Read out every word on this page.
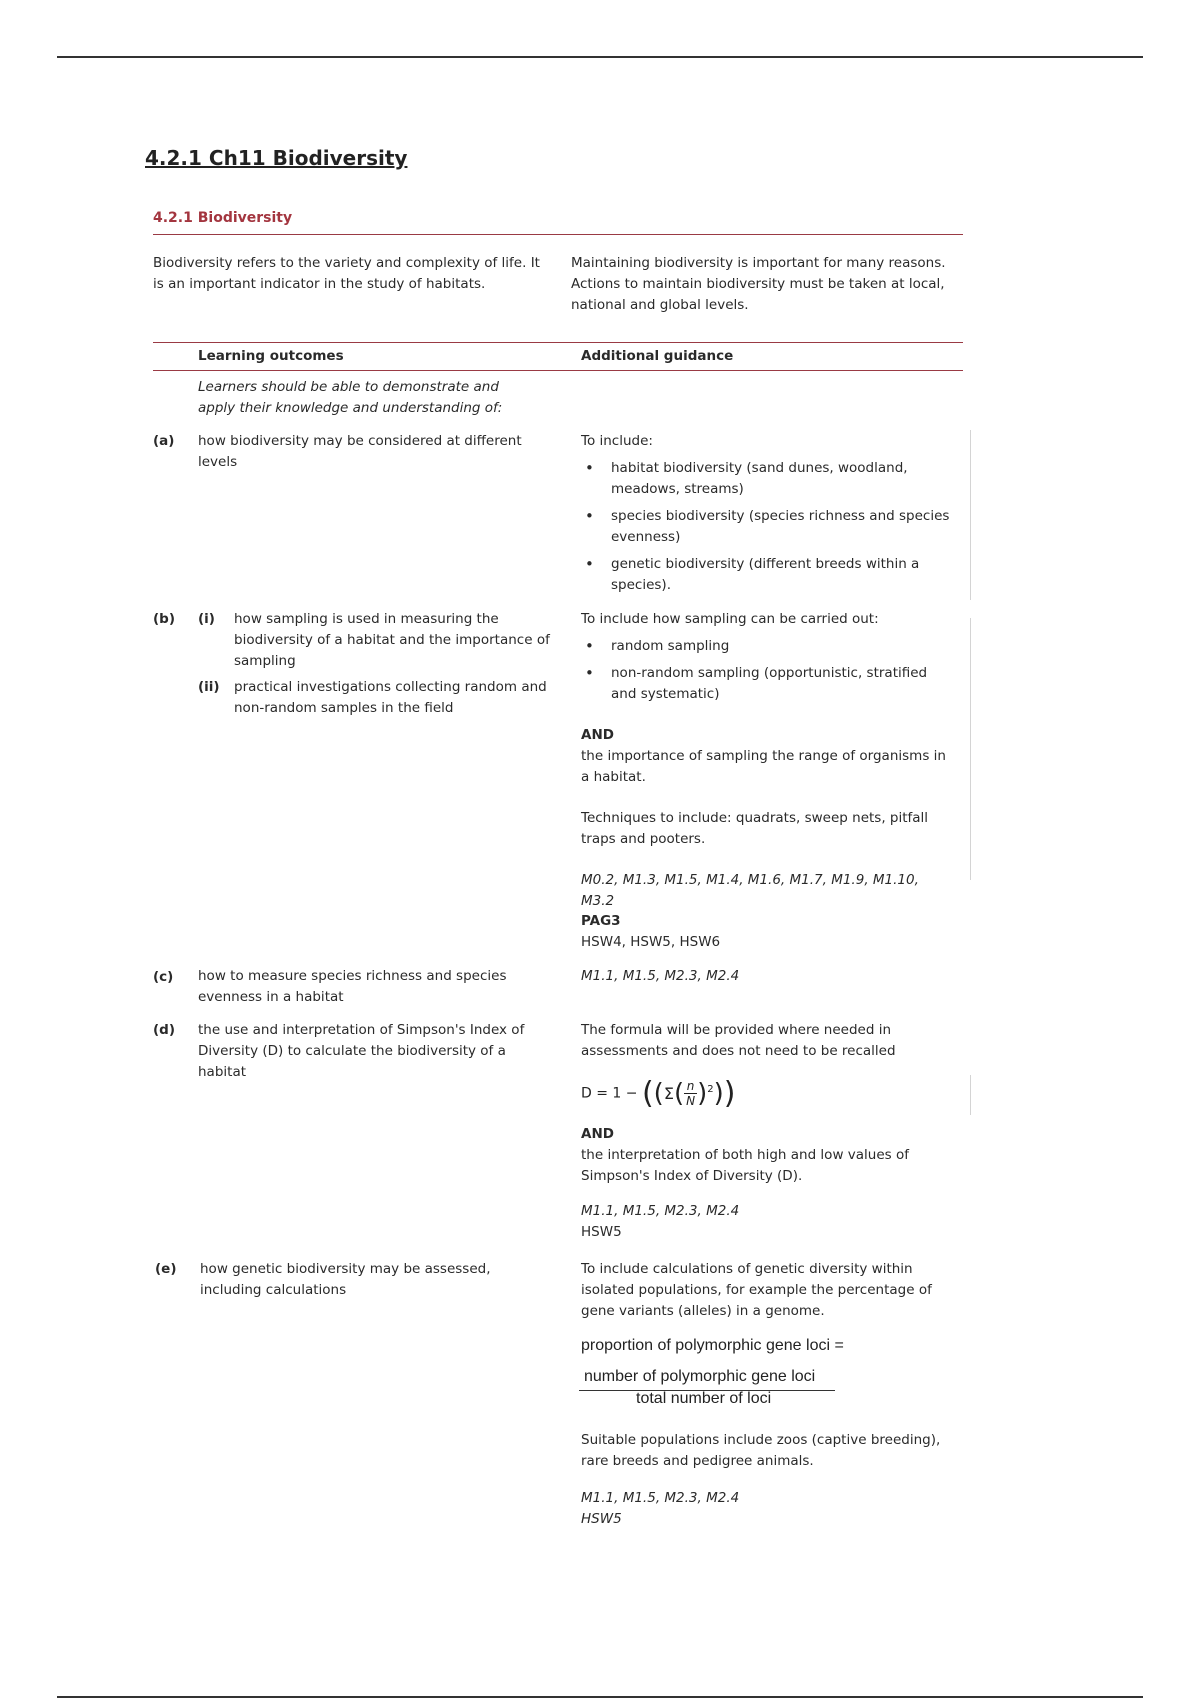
4.2.1 Ch11 Biodiversity
4.2.1 Biodiversity
Biodiversity refers to the variety and complexity of life. It is an important indicator in the study of habitats.
Maintaining biodiversity is important for many reasons. Actions to maintain biodiversity must be taken at local, national and global levels.
Learning outcomes	Additional guidance
Learners should be able to demonstrate and apply their knowledge and understanding of:
(a) how biodiversity may be considered at different levels
To include:
• habitat biodiversity (sand dunes, woodland, meadows, streams)
• species biodiversity (species richness and species evenness)
• genetic biodiversity (different breeds within a species).
(b) (i) how sampling is used in measuring the biodiversity of a habitat and the importance of sampling
(ii) practical investigations collecting random and non-random samples in the field
To include how sampling can be carried out:
• random sampling
• non-random sampling (opportunistic, stratified and systematic)
AND
the importance of sampling the range of organisms in a habitat.
Techniques to include: quadrats, sweep nets, pitfall traps and pooters.
M0.2, M1.3, M1.5, M1.4, M1.6, M1.7, M1.9, M1.10, M3.2
PAG3
HSW4, HSW5, HSW6
(c) how to measure species richness and species evenness in a habitat
M1.1, M1.5, M2.3, M2.4
(d) the use and interpretation of Simpson's Index of Diversity (D) to calculate the biodiversity of a habitat
The formula will be provided where needed in assessments and does not need to be recalled
$D = 1 - ((\Sigma( \frac{n}{N} )^2))$
AND
the interpretation of both high and low values of Simpson's Index of Diversity (D).
M1.1, M1.5, M2.3, M2.4
HSW5
(e) how genetic biodiversity may be assessed, including calculations
To include calculations of genetic diversity within isolated populations, for example the percentage of gene variants (alleles) in a genome.
proportion of polymorphic gene loci =
number of polymorphic gene loci
total number of loci
Suitable populations include zoos (captive breeding), rare breeds and pedigree animals.
M1.1, M1.5, M2.3, M2.4
HSW5
